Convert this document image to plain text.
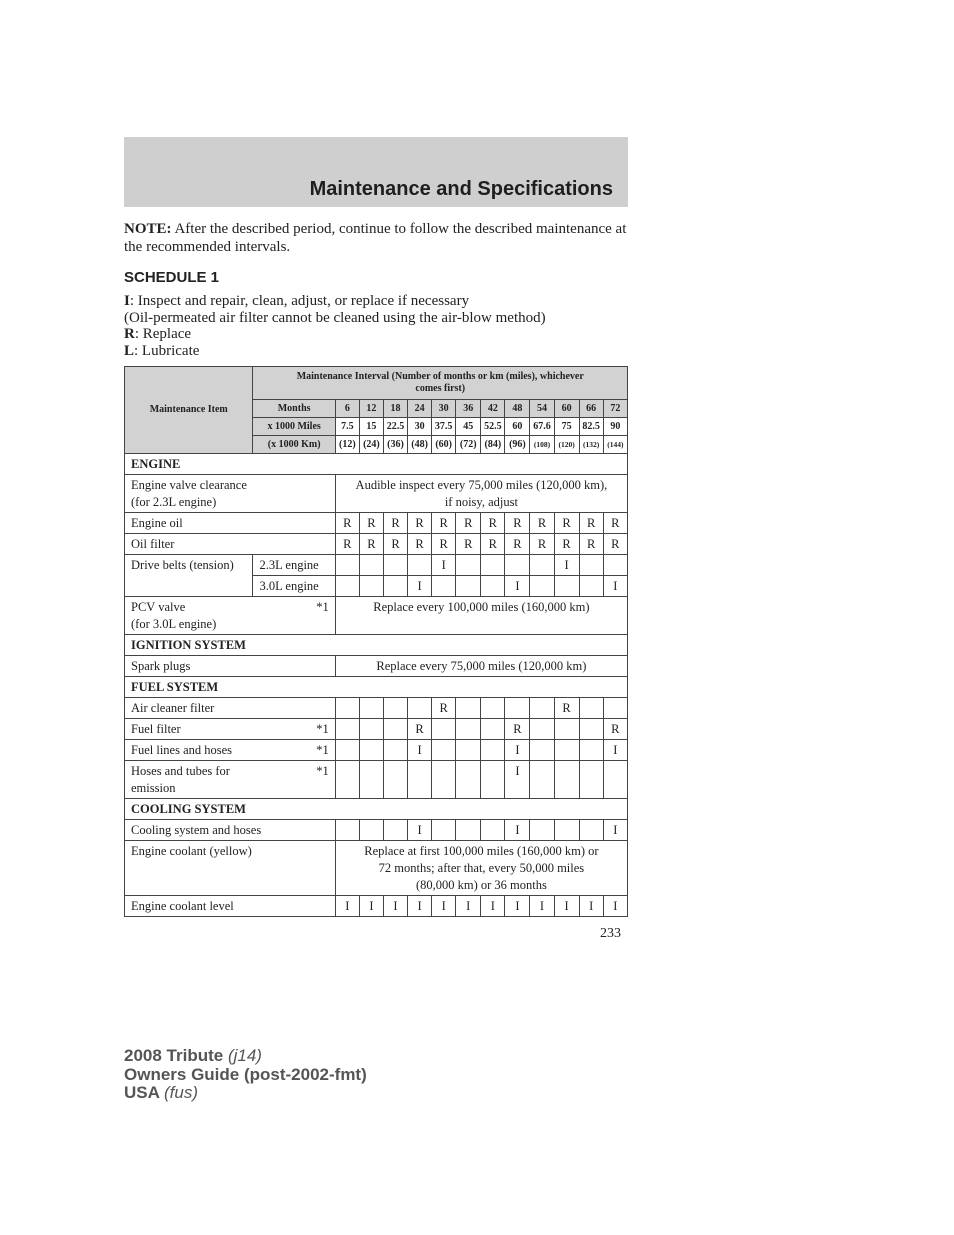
Maintenance and Specifications
NOTE: After the described period, continue to follow the described maintenance at the recommended intervals.
SCHEDULE 1
I: Inspect and repair, clean, adjust, or replace if necessary
(Oil-permeated air filter cannot be cleaned using the air-blow method)
R: Replace
L: Lubricate
Maintenance Item	Maintenance Interval (Number of months or km (miles), whichever comes first)												
	Months	6	12	18	24	30	36	42	48	54	60	66	72
	x 1000 Miles	7.5	15	22.5	30	37.5	45	52.5	60	67.6	75	82.5	90
	(x 1000 Km)	(12)	(24)	(36)	(48)	(60)	(72)	(84)	(96)	(108)	(120)	(132)	(144)
ENGINE													
Engine valve clearance
(for 2.3L engine)		Audible inspect every 75,000 miles (120,000 km),
if noisy, adjust											
Engine oil		R	R	R	R	R	R	R	R	R	R	R	R
Oil filter		R	R	R	R	R	R	R	R	R	R	R	R
Drive belts (tension)	2.3L engine					I					I		
	3.0L engine				I				I				I
PCV valve *1

(for 3.0L engine)		Replace every 100,000 miles (160,000 km)											
IGNITION SYSTEM													
Spark plugs		Replace every 75,000 miles (120,000 km)											
FUEL SYSTEM													
Air cleaner filter						R					R		
Fuel filter *1					R				R				R
Fuel lines and hoses *1					I				I				I
Hoses and tubes for *1

emission									I				
COOLING SYSTEM													
Cooling system and hoses					I				I				I
Engine coolant (yellow)		Replace at first 100,000 miles (160,000 km) or
72 months; after that, every 50,000 miles
(80,000 km) or 36 months											
Engine coolant level		I	I	I	I	I	I	I	I	I	I	I	I
233
2008 Tribute (j14)
Owners Guide (post-2002-fmt)
USA (fus)
